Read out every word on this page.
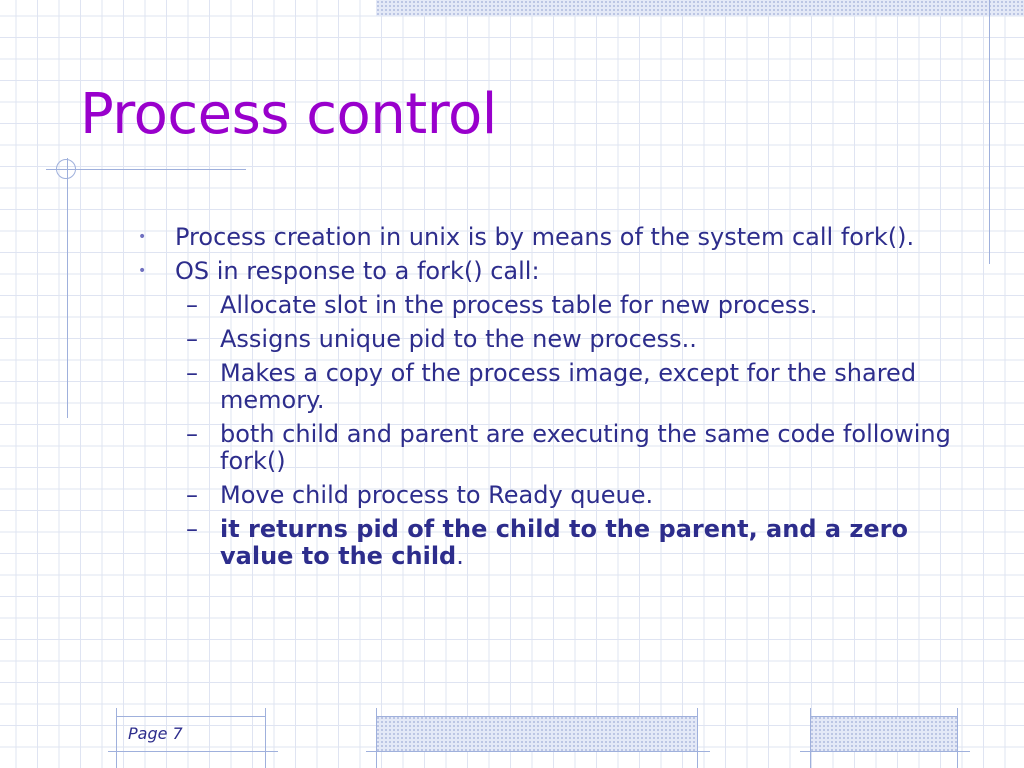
Process control
• Process creation in unix is by means of the system call fork().
• OS in response to a fork() call:
– Allocate slot in the process table for new process.
– Assigns unique pid to the new process..
– Makes a copy of the process image, except for the shared memory.
– both child and parent are executing the same code following fork()
– Move child process to Ready queue.
– it returns pid of the child to the parent, and a zero value to the child.
Page 7
